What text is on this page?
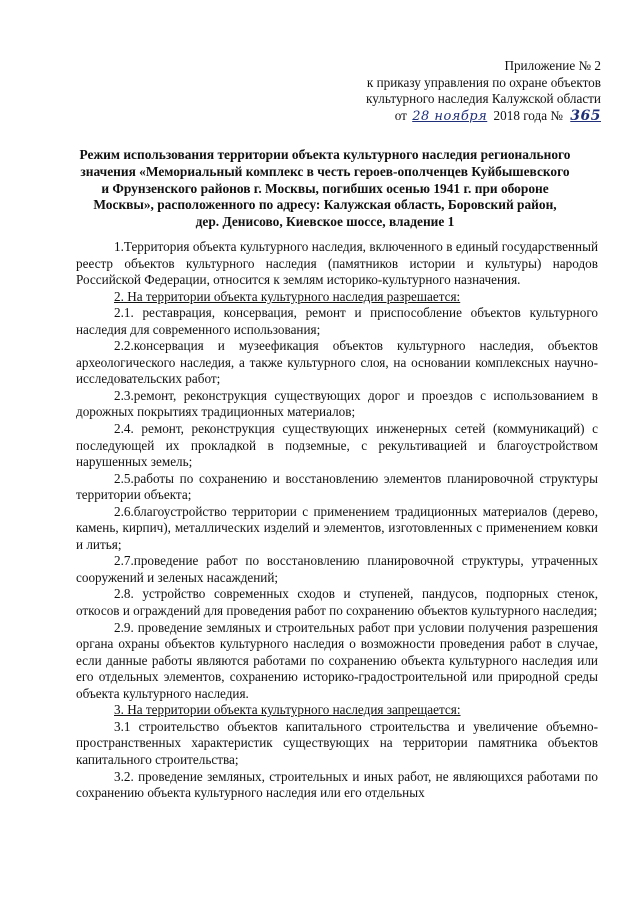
Приложение № 2
к приказу управления по охране объектов
культурного наследия Калужской области
от 28 ноября 2018 года № 365
Режим использования территории объекта культурного наследия регионального
значения «Мемориальный комплекс в честь героев-ополченцев Куйбышевского
и Фрунзенского районов г. Москвы, погибших осенью 1941 г. при обороне
Москвы», расположенного по адресу: Калужская область, Боровский район,
дер. Денисово, Киевское шоссе, владение 1

1.Территория объекта культурного наследия, включенного в единый государственный реестр объектов культурного наследия (памятников истории и культуры) народов Российской Федерации, относится к землям историко-культурного назначения.

2. На территории объекта культурного наследия разрешается:

2.1. реставрация, консервация, ремонт и приспособление объектов культурного наследия для современного использования;

2.2.консервация и музеефикация объектов культурного наследия, объектов археологического наследия, а также культурного слоя, на основании комплексных научно-исследовательских работ;

2.3.ремонт, реконструкция существующих дорог и проездов с использованием в дорожных покрытиях традиционных материалов;

2.4. ремонт, реконструкция существующих инженерных сетей (коммуникаций) с последующей их прокладкой в подземные, с рекультивацией и благоустройством нарушенных земель;

2.5.работы по сохранению и восстановлению элементов планировочной структуры территории объекта;

2.6.благоустройство территории с применением традиционных материалов (дерево, камень, кирпич), металлических изделий и элементов, изготовленных с применением ковки и литья;

2.7.проведение работ по восстановлению планировочной структуры, утраченных сооружений и зеленых насаждений;

2.8. устройство современных сходов и ступеней, пандусов, подпорных стенок, откосов и ограждений для проведения работ по сохранению объектов культурного наследия;

2.9. проведение земляных и строительных работ при условии получения разрешения органа охраны объектов культурного наследия о возможности проведения работ в случае, если данные работы являются работами по сохранению объекта культурного наследия или его отдельных элементов, сохранению историко-градостроительной или природной среды объекта культурного наследия.

3. На территории объекта культурного наследия запрещается:

3.1 строительство объектов капитального строительства и увеличение объемно-пространственных характеристик существующих на территории памятника объектов капитального строительства;

3.2. проведение земляных, строительных и иных работ, не являющихся работами по сохранению объекта культурного наследия или его отдельных
